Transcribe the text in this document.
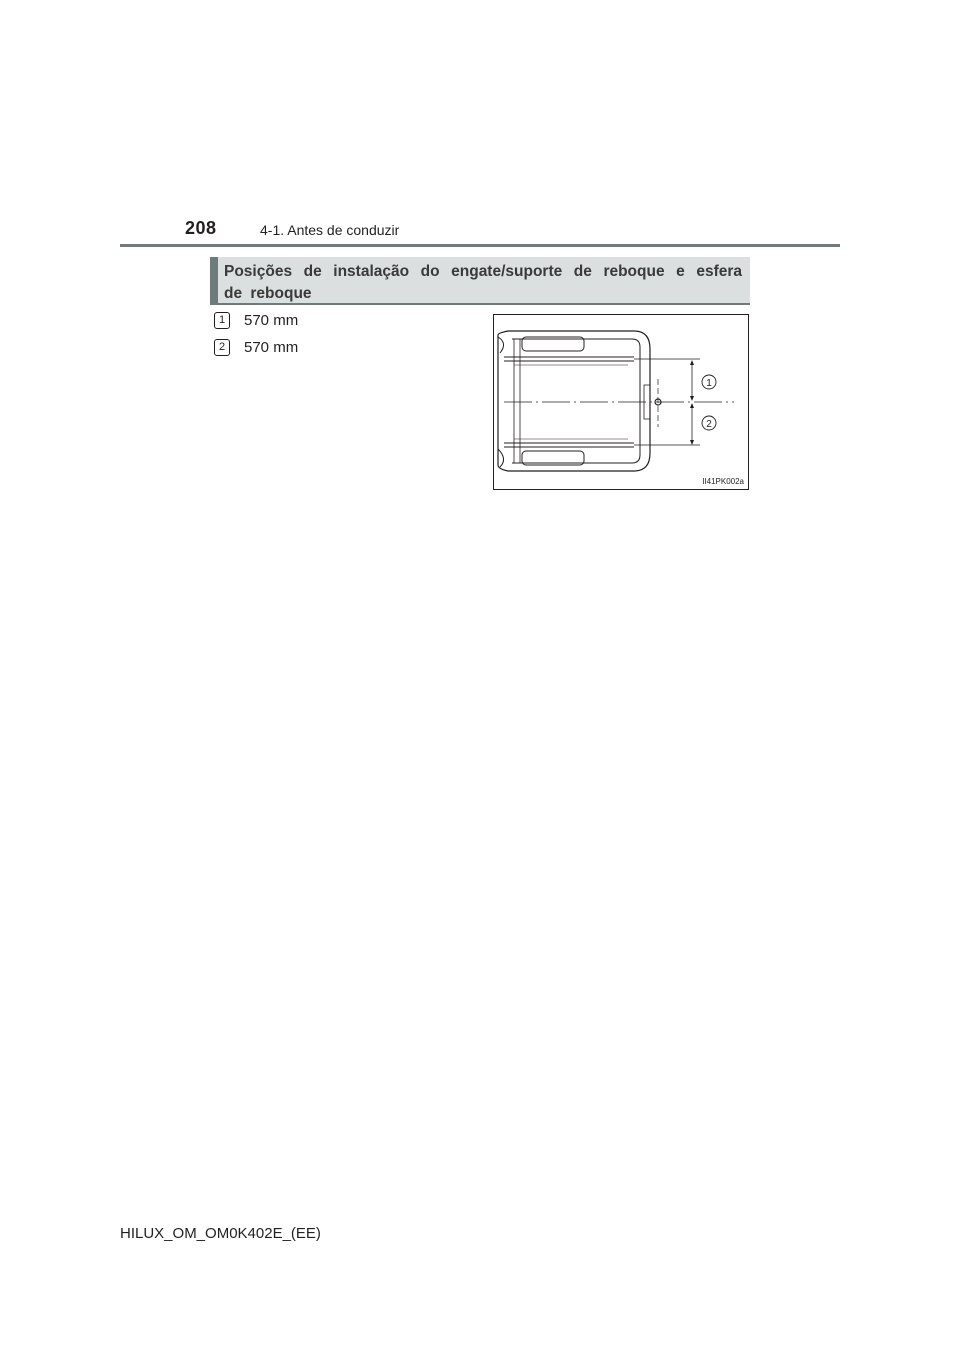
208	4-1. Antes de conduzir
Posições de instalação do engate/suporte de reboque e esfera de reboque
1	570 mm
2	570 mm
1
2
II41PK002a
HILUX_OM_OM0K402E_(EE)
